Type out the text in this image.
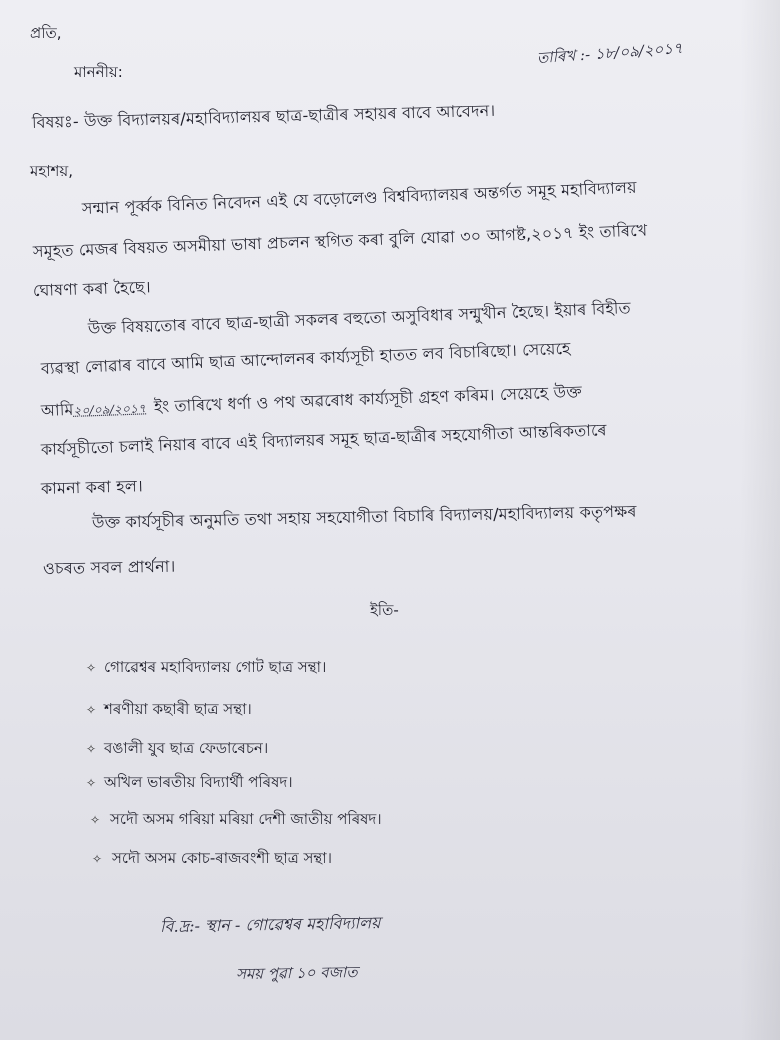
প্ৰতি,
মাননীয়:
তাৰিখ :- ১৮/০৯/২০১৭
বিষয়ঃ- উক্ত বিদ্যালয়ৰ/মহাবিদ্যালয়ৰ ছাত্ৰ-ছাত্ৰীৰ সহায়ৰ বাবে আবেদন।
মহাশয়,
সন্মান পূৰ্ব্বক বিনিত নিবেদন এই যে বড়োলেণ্ড বিশ্ববিদ্যালয়ৰ অন্তৰ্গত সমূহ মহাবিদ্যালয়
সমূহত মেজৰ বিষয়ত অসমীয়া ভাষা প্ৰচলন স্থগিত কৰা বুলি যোৱা ৩০ আগষ্ট,২০১৭ ইং তাৰিখে
ঘোষণা কৰা হৈছে।
উক্ত বিষয়তোৰ বাবে ছাত্ৰ-ছাত্ৰী সকলৰ বহুতো অসুবিধাৰ সন্মুখীন হৈছে। ইয়াৰ বিহীত
ব্যৱস্থা লোৱাৰ বাবে আমি ছাত্ৰ আন্দোলনৰ কাৰ্য্যসূচী হাতত লব বিচাৰিছো। সেয়েহে
আমি২০/০৯/২০১৭ ইং তাৰিখে ধৰ্ণা ও পথ অৱৰোধ কাৰ্য্যসূচী গ্ৰহণ কৰিম। সেয়েহে উক্ত
কাৰ্যসূচীতো চলাই নিয়াৰ বাবে এই বিদ্যালয়ৰ সমূহ ছাত্ৰ-ছাত্ৰীৰ সহযোগীতা আন্তৰিকতাৰে
কামনা কৰা হল।
উক্ত কাৰ্যসূচীৰ অনুমতি তথা সহায় সহযোগীতা বিচাৰি বিদ্যালয়/মহাবিদ্যালয় কতৃপক্ষৰ
ওচৰত সবল প্ৰাৰ্থনা।
ইতি-
✧ গোৱেশ্বৰ মহাবিদ্যালয় গোট ছাত্ৰ সন্থা।
✧ শৰণীয়া কছাৰী ছাত্ৰ সন্থা।
✧ বঙালী যুব ছাত্ৰ ফেডাৰেচন।
✧ অখিল ভাৰতীয় বিদ্যাৰ্থী পৰিষদ।
✧ সদৌ অসম গৰিয়া মৰিয়া দেশী জাতীয় পৰিষদ।
✧ সদৌ অসম কোচ-ৰাজবংশী ছাত্ৰ সন্থা।
বি.দ্ৰ:- স্থান - গোৱেশ্বৰ মহাবিদ্যালয়
সময় পুৱা ১০ বজাত
